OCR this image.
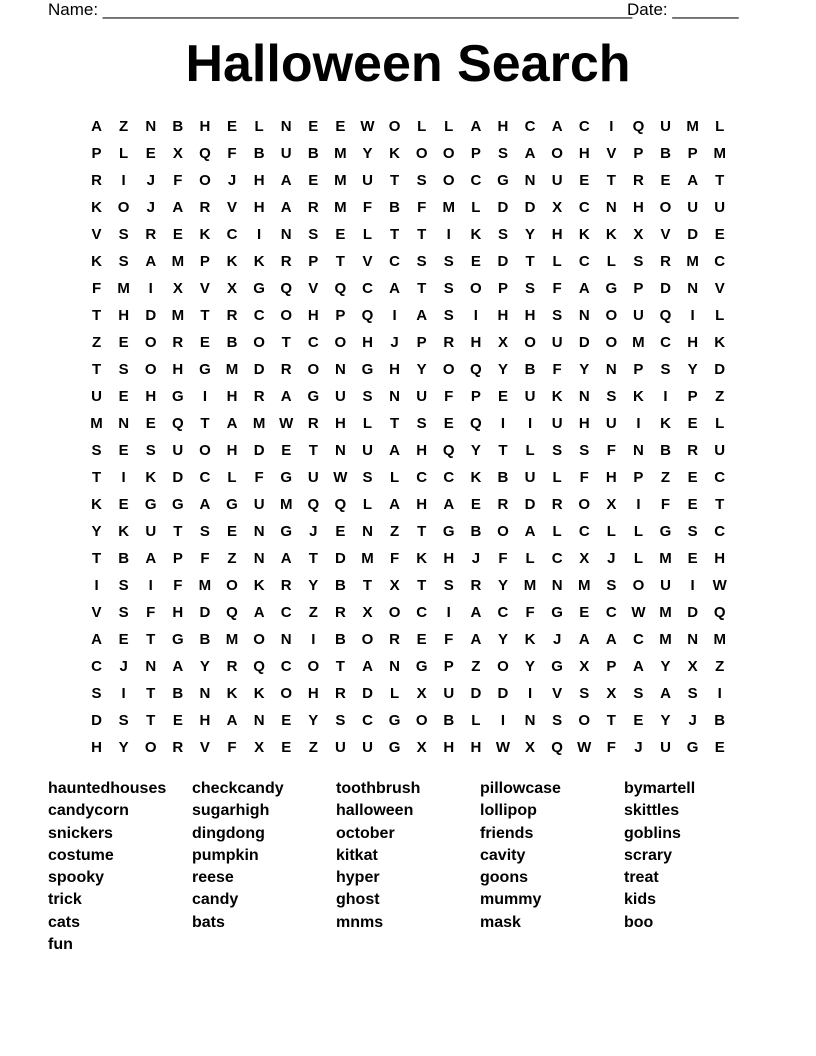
Name: ________________________________________________________
Date: _______
Halloween Search
A	Z	N	B	H	E	L	N	E	E	W O	L	L	A	H	C	A	C	I	Q	U	M	L
P	L	E	X	Q	F	B	U	B	M	Y	K	O	O	P	S	A	O	H	V	P	B	P	M
R	I	J	F	O	J	H	A	E	M	U	T	S	O	C	G	N	U	E	T	R	E	A	T
K	O	J	A	R	V	H	A	R	M	F	B	F	M	L	D	D	X	C	N	H	O	U	U
V	S	R	E	K	C	I	N	S	E	L	T	T	I	K	S	Y	H	K	K	X	V	D	E
K	S	A	M	P	K	K	R	P	T	V	C	S	S	E	D	T	L	C	L	S	R	M	C
F	M	I	X	V	X	G	Q	V	Q	C	A	T	S	O	P	S	F	A	G	P	D	N	V
T	H	D	M	T	R	C	O	H	P	Q	I	A	S	I	H	H	S	N	O	U	Q	I	L
Z	E	O	R	E	B	O	T	C	O	H	J	P	R	H	X	O	U	D	O	M	C	H	K
T	S	O	H	G	M	D	R	O	N	G	H	Y	O	Q	Y	B	F	Y	N	P	S	Y	D
U	E	H	G	I	H	R	A	G	U	S	N	U	F	P	E	U	K	N	S	K	I	P	Z
M	N	E	Q	T	A	M W R	H	L	T	S	E	Q	I	I	U	H	U	I	K	E	L
S	E	S	U	O	H	D	E	T	N	U	A	H	Q	Y	T	L	S	S	F	N	B	R	U
T	I	K	D	C	L	F	G	U W	S	L	C	C	K	B	U	L	F	H	P	Z	E	C
K	E	G	G	A	G	U	M	Q	Q	L	A	H	A	E	R	D	R	O	X	I	F	E	T
Y	K	U	T	S	E	N	G	J	E	N	Z	T	G	B	O	A	L	C	L	L	G	S	C
T	B	A	P	F	Z	N	A	T	D	M	F	K	H	J	F	L	C	X	J	L	M	E	H
I	S	I	F	M	O	K	R	Y	B	T	X	T	S	R	Y	M	N	M	S	O	U	I	W
V	S	F	H	D	Q	A	C	Z	R	X	O	C	I	A	C	F	G	E	C W M	D	Q
A	E	T	G	B	M	O	N	I	B	O	R	E	F	A	Y	K	J	A	A	C	M	N	M
C	J	N	A	Y	R	Q	C	O	T	A	N	G	P	Z	O	Y	G	X	P	A	Y	X	Z
S	I	T	B	N	K	K	O	H	R	D	L	X	U	D	D	I	V	S	X	S	A	S	I
D	S	T	E	H	A	N	E	Y	S	C	G	O	B	L	I	N	S	O	T	E	Y	J	B
H	Y	O	R	V	F	X	E	Z	U	U	G	X	H	H W	X	Q W	F	J	U	G	E
hauntedhouses
candycorn
snickers
costume
spooky
trick
cats
fun
checkcandy
sugarhigh
dingdong
pumpkin
reese
candy
bats
toothbrush
halloween
october
kitkat
hyper
ghost
mnms
pillowcase
lollipop
friends
cavity
goons
mummy
mask
bymartell
skittles
goblins
scrary
treat
kids
boo
